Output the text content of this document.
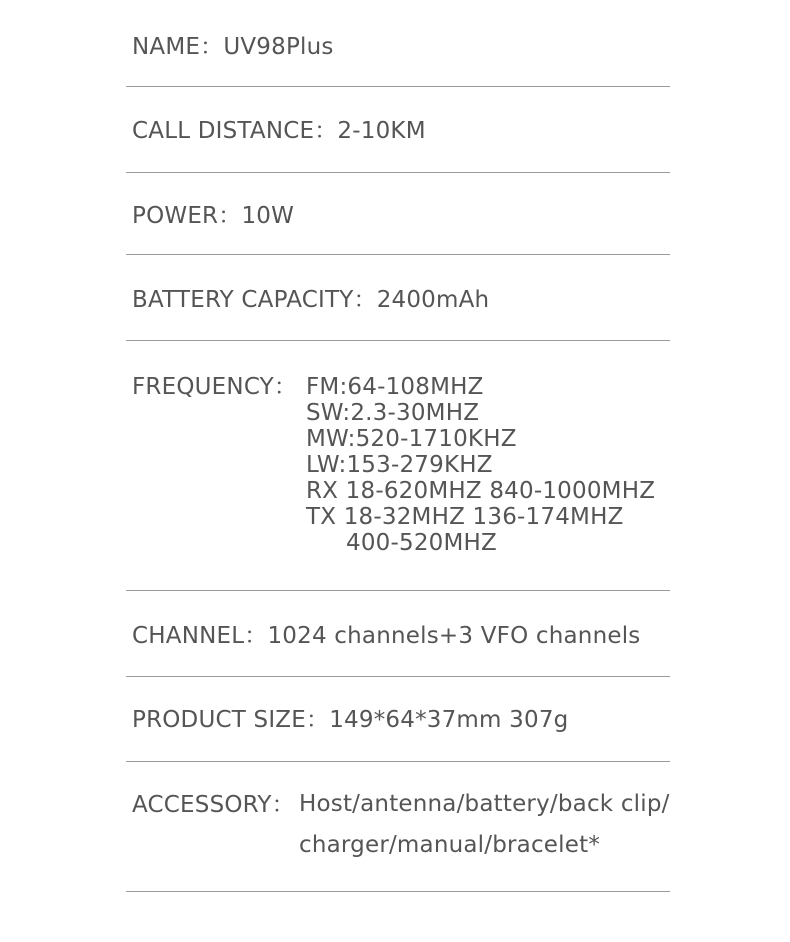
NAME：UV98Plus
CALL DISTANCE：2-10KM
POWER：10W
BATTERY CAPACITY：2400mAh
FREQUENCY： FM:64-108MHZ
SW:2.3-30MHZ
MW:520-1710KHZ
LW:153-279KHZ
RX 18-620MHZ 840-1000MHZ
TX 18-32MHZ 136-174MHZ
400-520MHZ
CHANNEL：1024 channels+3 VFO channels
PRODUCT SIZE：149*64*37mm 307g
ACCESSORY： Host/antenna/battery/back clip/
charger/manual/bracelet*
